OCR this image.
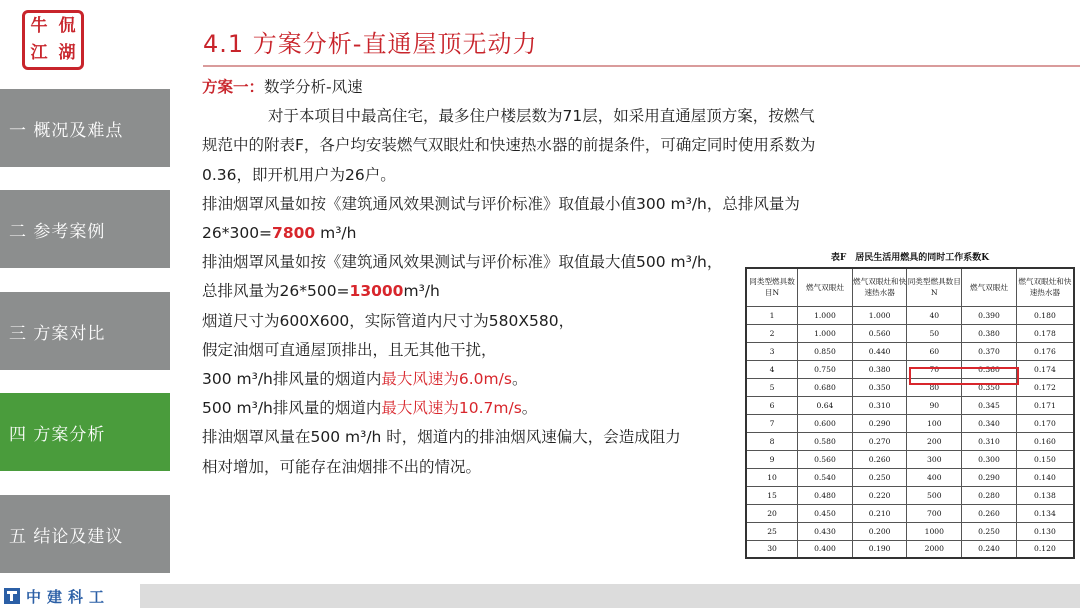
牛 侃
江 湖
一 概况及难点
二 参考案例
三 方案对比
四 方案分析
五 结论及建议
4.1 方案分析-直通屋顶无动力

方案一：数学分析-风速

对于本项目中最高住宅，最多住户楼层数为71层，如采用直通屋顶方案，按燃气

规范中的附表F，各户均安装燃气双眼灶和快速热水器的前提条件，可确定同时使用系数为

0.36，即开机用户为26户。

排油烟罩风量如按《建筑通风效果测试与评价标准》取值最小值300 m³/h，总排风量为

26*300=7800 m³/h

排油烟罩风量如按《建筑通风效果测试与评价标准》取值最大值500 m³/h，

总排风量为26*500=13000m³/h

烟道尺寸为600X600，实际管道内尺寸为580X580，

假定油烟可直通屋顶排出，且无其他干扰，

300 m³/h排风量的烟道内最大风速为6.0m/s。

500 m³/h排风量的烟道内最大风速为10.7m/s。

排油烟罩风量在500 m³/h 时，烟道内的排油烟风速偏大，会造成阻力

相对增加，可能存在油烟排不出的情况。

表F　居民生活用燃具的同时工作系数K
同类型燃具数目N	燃气双眼灶	燃气双眼灶和快速热水器	同类型燃具数目N	燃气双眼灶	燃气双眼灶和快速热水器
1	1.000	1.000	40	0.390	0.180
2	1.000	0.560	50	0.380	0.178
3	0.850	0.440	60	0.370	0.176
4	0.750	0.380	70	0.360	0.174
5	0.680	0.350	80	0.350	0.172
6	0.64	0.310	90	0.345	0.171
7	0.600	0.290	100	0.340	0.170
8	0.580	0.270	200	0.310	0.160
9	0.560	0.260	300	0.300	0.150
10	0.540	0.250	400	0.290	0.140
15	0.480	0.220	500	0.280	0.138
20	0.450	0.210	700	0.260	0.134
25	0.430	0.200	1000	0.250	0.130
30	0.400	0.190	2000	0.240	0.120
中建科工
